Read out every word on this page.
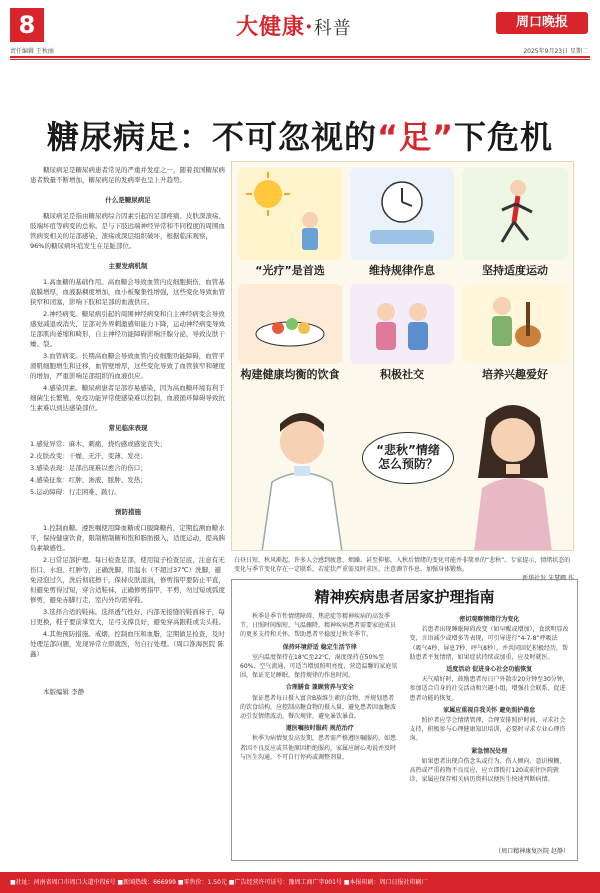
8
责任编辑 王秋丽
大健康·科普	周口晚报
2025年9月23日 星期二
糖尿病足：不可忽视的“足”下危机

糖尿病足是糖尿病患者常见的严重并发症之一，随着我国糖尿病患者数量不断增加，糖尿病足的发病率也呈上升趋势。

什么是糖尿病足

糖尿病足是指由糖尿病综合因素引起的足部疼痛、皮肤深溃疡、肢端坏疽等病变的总称。是与下肢远端神经异常和不同程度的周围血管病变相关的足部感染、溃疡或深层组织破坏，根据临床观察，96%的糖尿病坏疽发生在足趾部位。

主要发病机制

1.高血糖的基础作用。高血糖会导致血管内皮细胞损伤，血管基底膜增厚，血液黏稠度增加，血小板聚集性增强，这些变化导致血管狭窄和闭塞，影响下肢和足部的血液供应。

2.神经病变。糖尿病引起的周围神经病变和自主神经病变会导致感觉减退或消失，足部对外界刺激感知能力下降，运动神经病变导致足部肌肉萎缩和畸形，自主神经功能障碍影响汗腺分泌，导致皮肤干燥、裂。

3.血管病变。长期高血糖会导致血管内皮细胞功能障碍，血管平滑肌细胞增生和迁移，血管壁增厚，这些变化导致了血管狭窄和硬度的增加，严重影响足部组织的血液供应。

4.感染因素。糖尿病患者足部容易感染，因为高血糖环境有利于细菌生长繁殖，免疫功能异常使感染难以控制，血液循环障碍导致抗生素难以到达感染部位。

常见临床表现

1.感觉异常：麻木、刺痛、烧灼感或感觉丧失；

2.皮肤改变：干燥、无汗、变薄、发亮；

3.感染表现：足部出现难以愈合的伤口；

4.感染征象：红肿、渗液、脓肿、发热；

5.运动障碍：行走困难、跛行。

预防措施

1.控制血糖。遵医嘱使用降血糖或口服降糖药，定期监测血糖水平，保持健康饮食，限制精制糖和饱和脂肪摄入，适度运动，提高胰岛素敏感性。

2.日常足部护理。每日检查足部，使用镜子检查足底，注意有无伤口、水泡、红肿等，正确洗脚，用温水（不超过37℃）洗脚，避免浸泡过久，洗后彻底擦干，保持皮肤湿润，修剪指甲要防止平直，但避免剪得过短，穿合适鞋袜，正确修剪指甲，平剪，勿过短或弧度修剪，避免赤脚行走，室内外均需穿鞋。

3.选择合适的鞋袜。选择透气性好、内部无接缝的鞋面袜子，每日更换，鞋子要前掌宽大，足弓支撑良好，避免穿高跟鞋或尖头鞋。

4.其他预防措施。戒烟，控制血压和血脂，定期做足检查，及时处理足部问题，发现异常立即就医，勿自行处理。（周口淮海医院 陈鑫）

本版编辑 李静

“光疗”是首选	维持规律作息	坚持适度运动
构建健康均衡的饮食	积极社交	培养兴趣爱好
“悲秋”情绪怎么预防？

白昼日短，秋风渐起，许多人会感到疲惫、烦躁、甚至抑郁，入秋后情绪的变化可能并非简单的“悲秋”。专家提示，情绪状态的变化与季节变化存在一定联系，若症状严重需及时求医，注意调节作息，加强身体锻炼。

新华社发 朱慧卿 作
精神疾病患者居家护理指南

秋季是季节性情绪障碍、焦虑症等精神疾病的高发季节，日照时间缩短，气温骤降，精神疾病患者需要家庭成员的更多支持和关怀，帮助患者平稳度过秋冬季节。

保持环境舒适 稳定生活节律

室内温度保持在18℃至22℃，湿度保持在50%至60%，空气流通，可适当增加照明亮度，营造温馨的家庭氛围，保证充足睡眠，保持规律的作息时间。

合理膳食 兼顾营养与安全

保证患者每日摄入富含B族维生素的食物，并规划患者的饮食结构，应控制高糖食物的摄入量，避免患者因血糖波动引发情绪波动，餐次规律，避免暴饮暴食。

遵医嘱按时服药 规范治疗

秋季为病情复发高发期，患者需严格遵医嘱服药，如患者因不良反应或其他原因拒绝服药，家属应耐心劝说并及时与医生沟通，不可自行停药或调整剂量。

密切观察情绪行为变化

若患者出现睡眠障碍改变（如早醒或增加），食欲明显改变，言语减少或增多等表现，可引导进行“4-7-8”呼吸法（吸气4秒、屏息7秒、呼气8秒），并共同回忆积极经历，帮助患者平复情绪，如果症状持续或加重，应及时就医。

适度活动 促进身心社会功能恢复

天气晴好时，鼓励患者每日户外散步20分钟至30分钟，参加适合自身的社交活动和兴趣小组，增强社会联系，促进患者功能的恢复。

家属应重视自我关怀 避免照护倦怠

照护者应学会情绪管理，合理安排照护时间，寻求社会支持，积极参与心理健康知识培训，必要时寻求专业心理咨询。

紧急情况处理

如果患者出现自伤念头或行为、伤人倾向、意识模糊、高热或严重药物不良反应，应立即拨打120或前往医院就诊，家属应保存相关病历资料以便医生快速判断病情。

（周口精神康复医院 赵静）
■社址：河南省周口市周口大道中段6号 ■新闻热线：666999 ■零售价：1.50元 ■广告经营许可证号：豫周工商广字001号 ■本报印刷：周口日报社印刷厂
